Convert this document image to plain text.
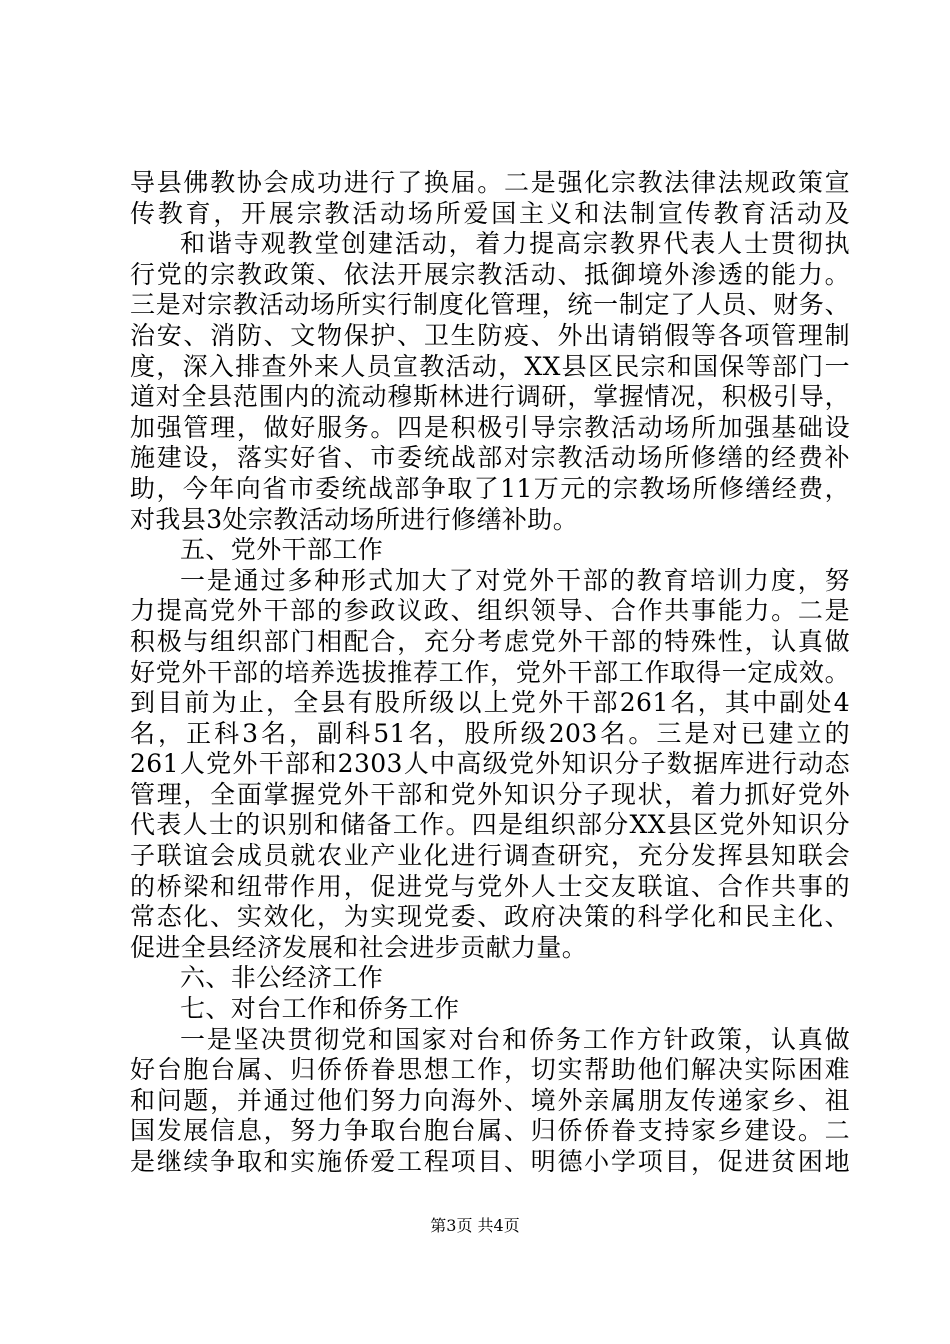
导县佛教协会成功进行了换届。二是强化宗教法律法规政策宣
传教育，开展宗教活动场所爱国主义和法制宣传教育活动及
和谐寺观教堂创建活动，着力提高宗教界代表人士贯彻执
行党的宗教政策、依法开展宗教活动、抵御境外渗透的能力。
三是对宗教活动场所实行制度化管理，统一制定了人员、财务、
治安、消防、文物保护、卫生防疫、外出请销假等各项管理制
度，深入排查外来人员宣教活动，XX县区民宗和国保等部门一
道对全县范围内的流动穆斯林进行调研，掌握情况，积极引导，
加强管理，做好服务。四是积极引导宗教活动场所加强基础设
施建设，落实好省、市委统战部对宗教活动场所修缮的经费补
助，今年向省市委统战部争取了11万元的宗教场所修缮经费，
对我县3处宗教活动场所进行修缮补助。
五、党外干部工作
一是通过多种形式加大了对党外干部的教育培训力度，努
力提高党外干部的参政议政、组织领导、合作共事能力。二是
积极与组织部门相配合，充分考虑党外干部的特殊性，认真做
好党外干部的培养选拔推荐工作，党外干部工作取得一定成效。
到目前为止，全县有股所级以上党外干部261名，其中副处4
名，正科3名，副科51名，股所级203名。三是对已建立的
261人党外干部和2303人中高级党外知识分子数据库进行动态
管理，全面掌握党外干部和党外知识分子现状，着力抓好党外
代表人士的识别和储备工作。四是组织部分XX县区党外知识分
子联谊会成员就农业产业化进行调查研究，充分发挥县知联会
的桥梁和纽带作用，促进党与党外人士交友联谊、合作共事的
常态化、实效化，为实现党委、政府决策的科学化和民主化、
促进全县经济发展和社会进步贡献力量。
六、非公经济工作
七、对台工作和侨务工作
一是坚决贯彻党和国家对台和侨务工作方针政策，认真做
好台胞台属、归侨侨眷思想工作，切实帮助他们解决实际困难
和问题，并通过他们努力向海外、境外亲属朋友传递家乡、祖
国发展信息，努力争取台胞台属、归侨侨眷支持家乡建设。二
是继续争取和实施侨爱工程项目、明德小学项目，促进贫困地
第3页 共4页
